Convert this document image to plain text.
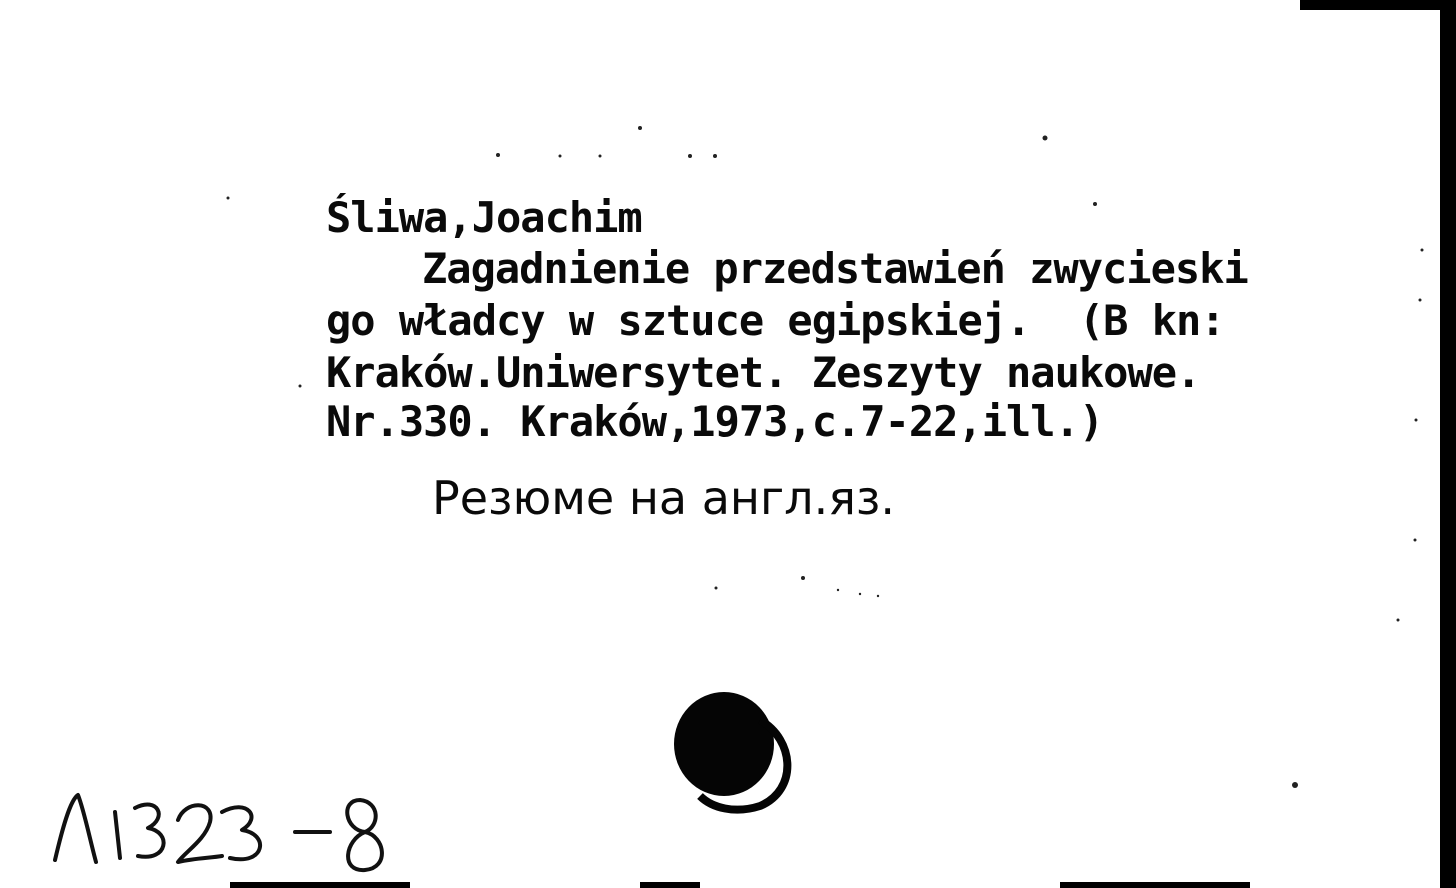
Śliwa,Joachim
Zagadnienie przedstawień zwycieski
go władcy w sztuce egipskiej.  (B kn:
Kraków.Uniwersytet. Zeszyty naukowe.
Nr.330. Kraków,1973,c.7-22,ill.)
Резюме на англ.яз.
